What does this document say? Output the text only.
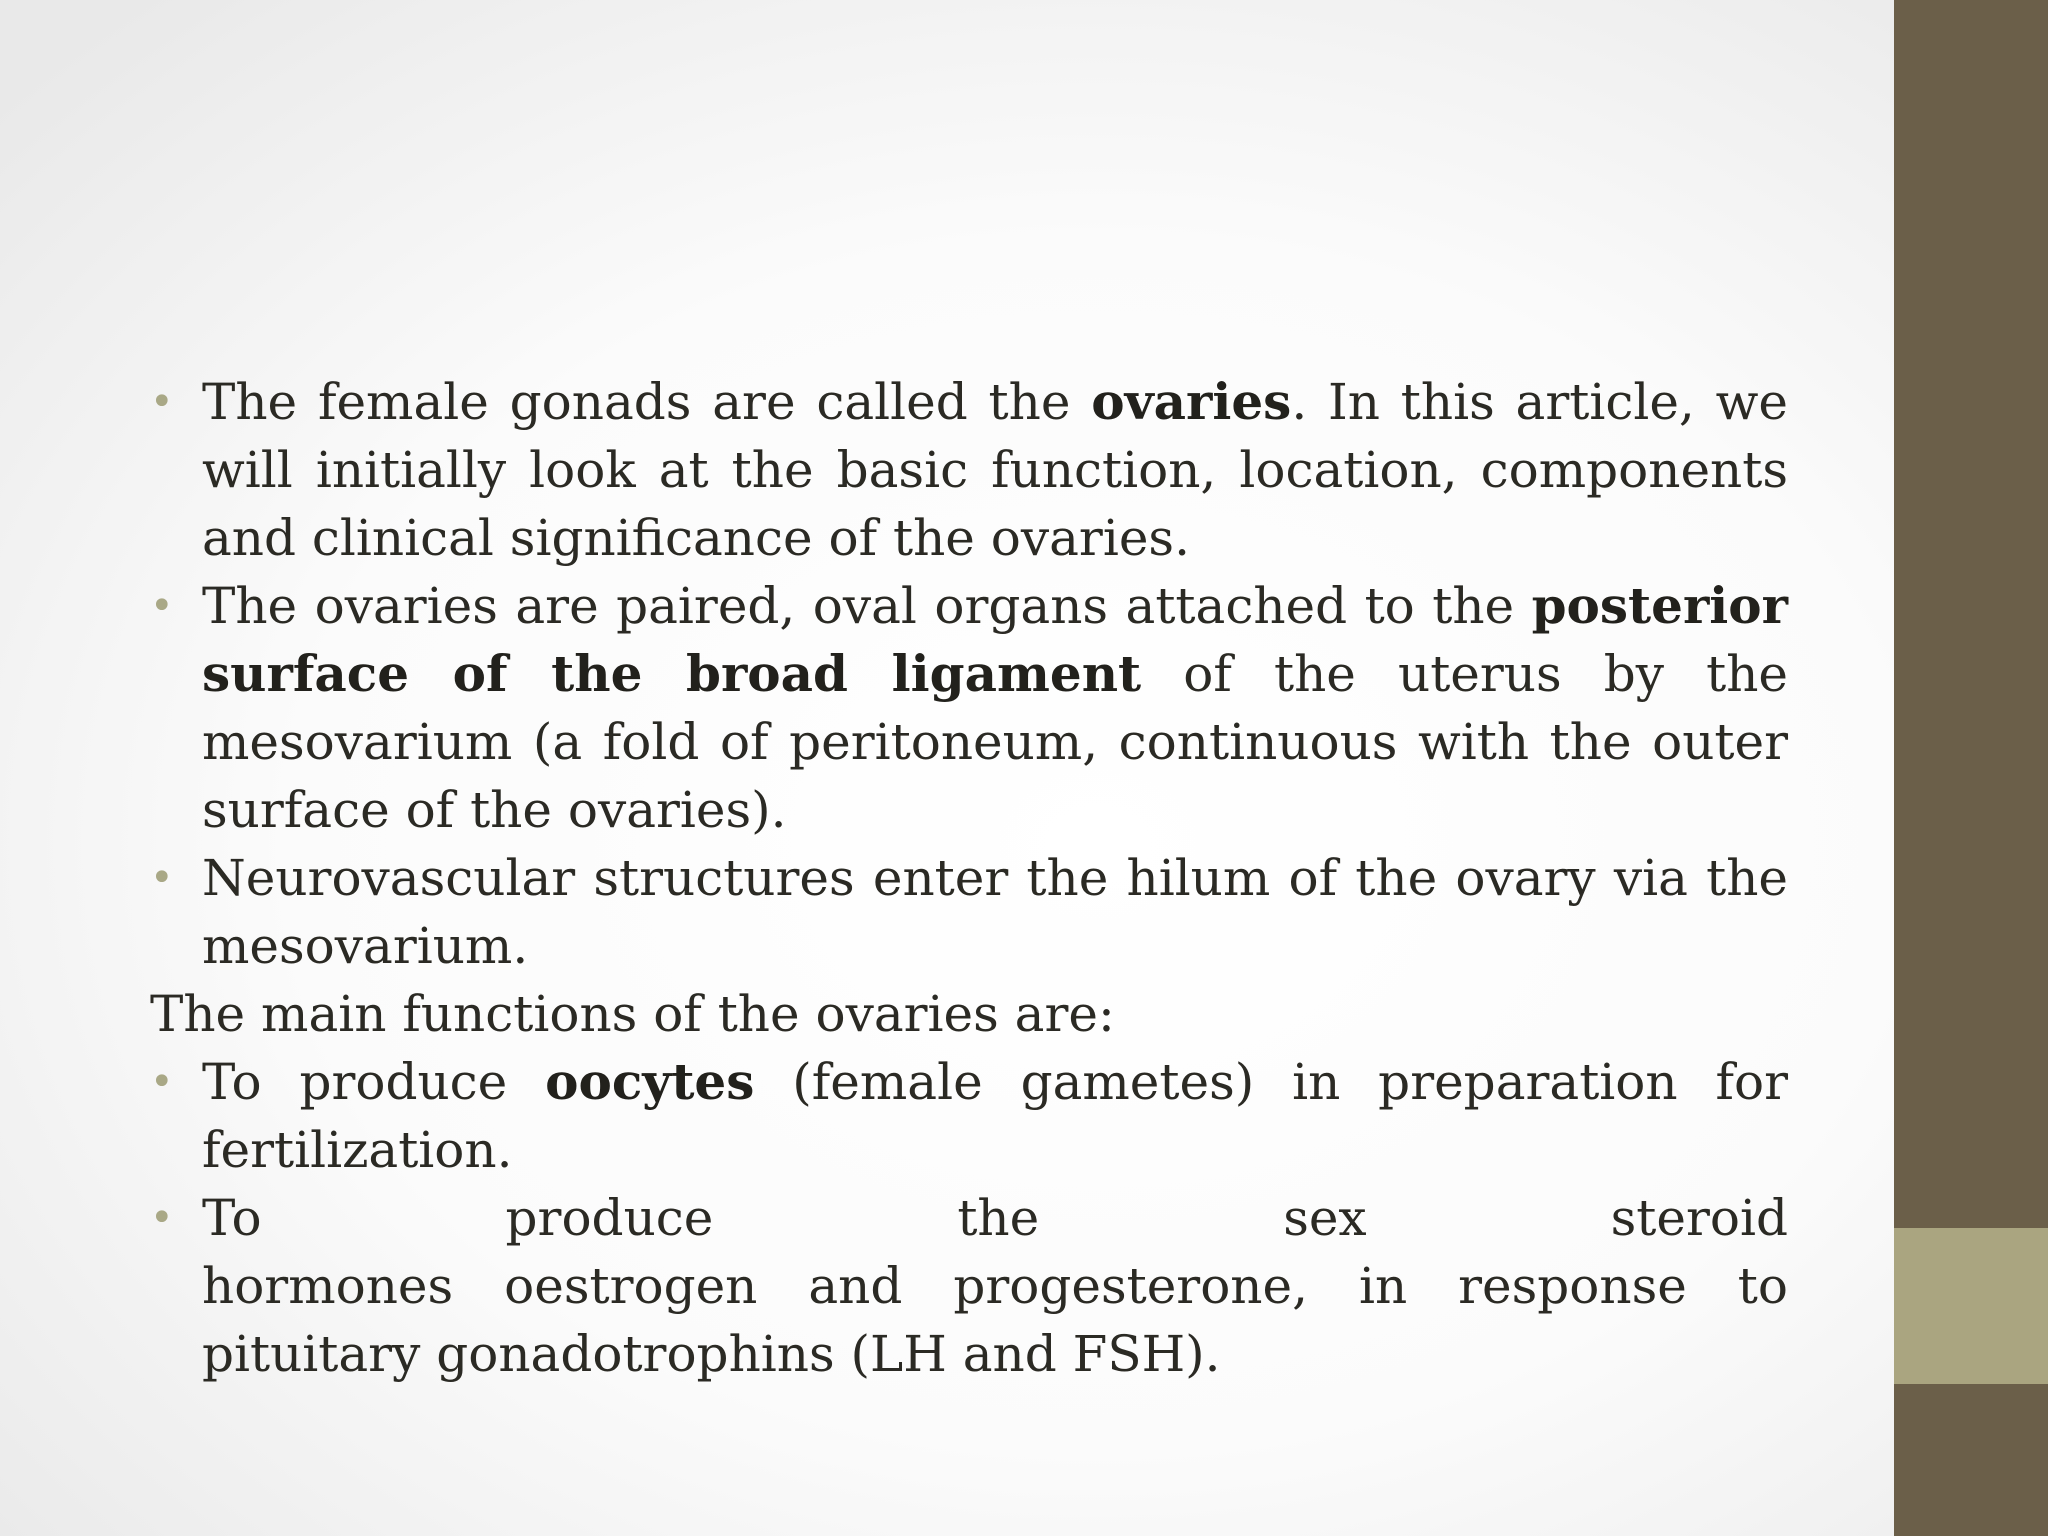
• The female gonads are called the ovaries. In this article, we will initially look at the basic function, location, components and clinical significance of the ovaries.

• The ovaries are paired, oval organs attached to the posterior surface of the broad ligament of the uterus by the mesovarium (a fold of peritoneum, continuous with the outer surface of the ovaries).

• Neurovascular structures enter the hilum of the ovary via the mesovarium.

The main functions of the ovaries are:

• To produce oocytes (female gametes) in preparation for fertilization.

• To	produce	the	sex	steroid
hormones oestrogen and progesterone, in response to pituitary gonadotrophins (LH and FSH).
